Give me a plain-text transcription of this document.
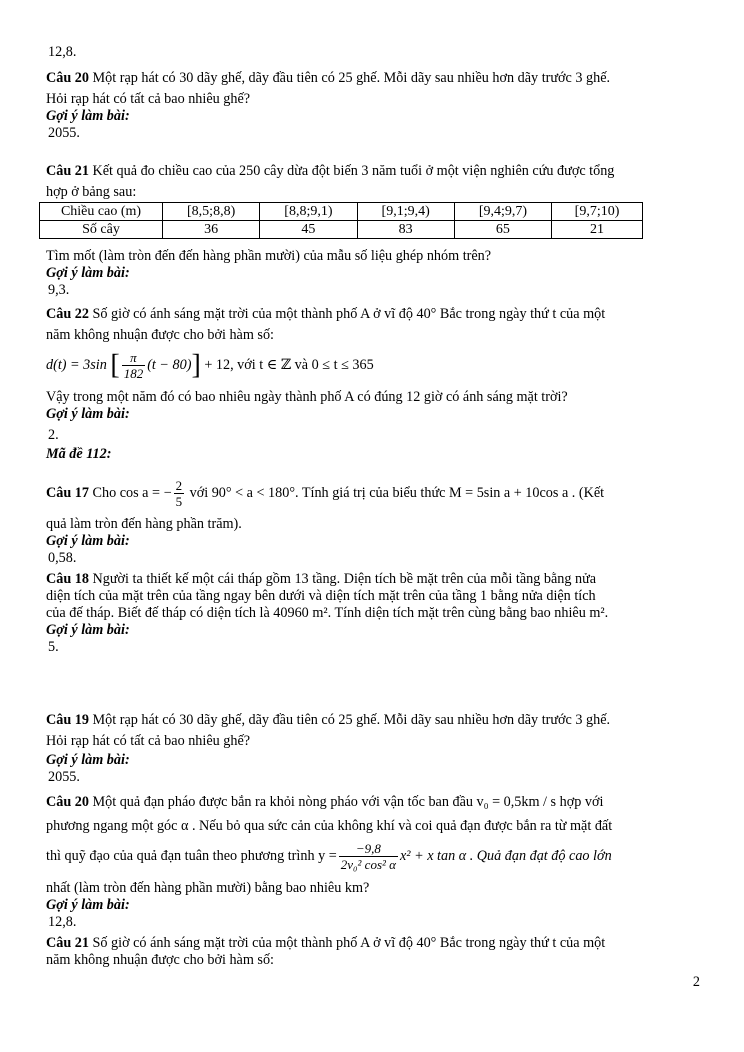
12,8.
Câu 20 Một rạp hát có 30 dãy ghế, dãy đầu tiên có 25 ghế. Mỗi dãy sau nhiều hơn dãy trước 3 ghế.
Hỏi rạp hát có tất cả bao nhiêu ghế?
Gợi ý làm bài:
2055.
Câu 21 Kết quả đo chiều cao của 250 cây dừa đột biến 3 năm tuổi ở một viện nghiên cứu được tổng
hợp ở bảng sau:
Chiều cao (m)	[8,5;8,8)	[8,8;9,1)	[9,1;9,4)	[9,4;9,7)	[9,7;10)
Số cây	36	45	83	65	21
Tìm mốt (làm tròn đến đến hàng phần mười) của mẫu số liệu ghép nhóm trên?
Gợi ý làm bài:
9,3.
Câu 22 Số giờ có ánh sáng mặt trời của một thành phố A ở vĩ độ 40° Bắc trong ngày thứ t của một
năm không nhuận được cho bởi hàm số:
d(t) = 3sin [ $\frac{\pi}{182} (t - 80)] + 12$, với t ∈ ℤ và 0 ≤ t ≤ 365
Vậy trong một năm đó có bao nhiêu ngày thành phố A có đúng 12 giờ có ánh sáng mặt trời?
Gợi ý làm bài:
2.
Mã đề 112:
Câu 17 Cho cos a = − $\frac{2}{5}$ với 90° < a < 180°. Tính giá trị của biểu thức M = 5sin a + 10cos a . (Kết
quả làm tròn đến hàng phần trăm).
Gợi ý làm bài:
0,58.
Câu 18 Người ta thiết kế một cái tháp gồm 13 tầng. Diện tích bề mặt trên của mỗi tầng bằng nửa
diện tích của mặt trên của tầng ngay bên dưới và diện tích mặt trên của tầng 1 bằng nửa diện tích
của đế tháp. Biết đế tháp có diện tích là 40960 m². Tính diện tích mặt trên cùng bằng bao nhiêu m².
Gợi ý làm bài:
5.
Câu 19 Một rạp hát có 30 dãy ghế, dãy đầu tiên có 25 ghế. Mỗi dãy sau nhiều hơn dãy trước 3 ghế.
Hỏi rạp hát có tất cả bao nhiêu ghế?
Gợi ý làm bài:
2055.
Câu 20 Một quả đạn pháo được bắn ra khỏi nòng pháo với vận tốc ban đầu v₀ = 0,5km / s hợp với
phương ngang một góc α . Nếu bỏ qua sức cản của không khí và coi quả đạn được bắn ra từ mặt đất
thì quỹ đạo của quả đạn tuân theo phương trình $y = \frac{-9,8}{\text{2v₀² cos² α}} x^2 + x$ tan α . Quả đạn đạt độ cao lớn
nhất (làm tròn đến hàng phần mười) bằng bao nhiêu km?
Gợi ý làm bài:
12,8.
Câu 21 Số giờ có ánh sáng mặt trời của một thành phố A ở vĩ độ 40° Bắc trong ngày thứ t của một
năm không nhuận được cho bởi hàm số:
2
